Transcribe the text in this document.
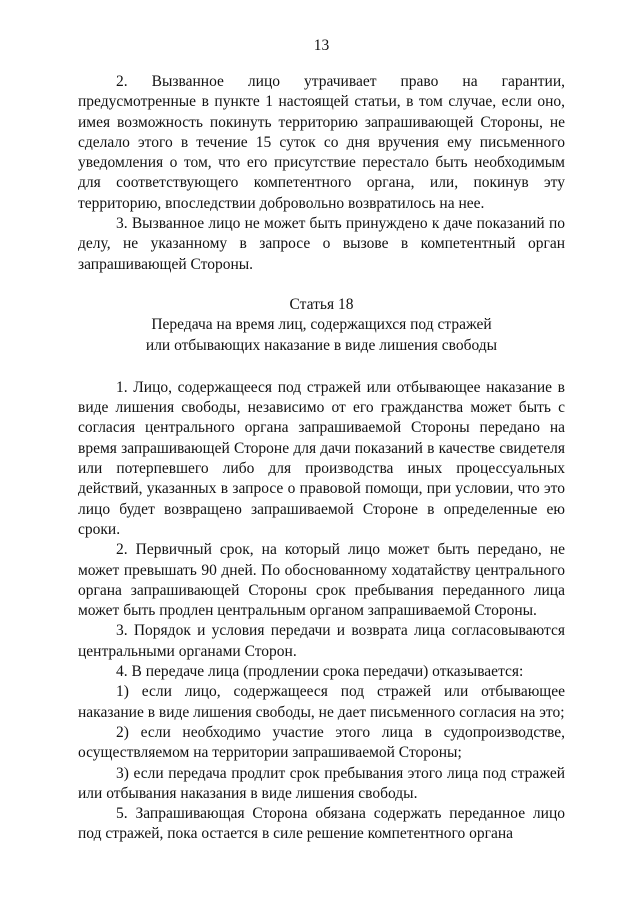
13

2. Вызванное лицо утрачивает право на гарантии, предусмотренные в пункте 1 настоящей статьи, в том случае, если оно, имея возможность покинуть территорию запрашивающей Стороны, не сделало этого в течение 15 суток со дня вручения ему письменного уведомления о том, что его присутствие перестало быть необходимым для соответствующего компетентного органа, или, покинув эту территорию, впоследствии добровольно возвратилось на нее.

3. Вызванное лицо не может быть принуждено к даче показаний по делу, не указанному в запросе о вызове в компетентный орган запрашивающей Стороны.

Статья 18
Передача на время лиц, содержащихся под стражей
или отбывающих наказание в виде лишения свободы

1. Лицо, содержащееся под стражей или отбывающее наказание в виде лишения свободы, независимо от его гражданства может быть с согласия центрального органа запрашиваемой Стороны передано на время запрашивающей Стороне для дачи показаний в качестве свидетеля или потерпевшего либо для производства иных процессуальных действий, указанных в запросе о правовой помощи, при условии, что это лицо будет возвращено запрашиваемой Стороне в определенные ею сроки.

2. Первичный срок, на который лицо может быть передано, не может превышать 90 дней. По обоснованному ходатайству центрального органа запрашивающей Стороны срок пребывания переданного лица может быть продлен центральным органом запрашиваемой Стороны.

3. Порядок и условия передачи и возврата лица согласовываются центральными органами Сторон.

4. В передаче лица (продлении срока передачи) отказывается:

1) если лицо, содержащееся под стражей или отбывающее наказание в виде лишения свободы, не дает письменного согласия на это;

2) если необходимо участие этого лица в судопроизводстве, осуществляемом на территории запрашиваемой Стороны;

3) если передача продлит срок пребывания этого лица под стражей или отбывания наказания в виде лишения свободы.

5. Запрашивающая Сторона обязана содержать переданное лицо под стражей, пока остается в силе решение компетентного органа
